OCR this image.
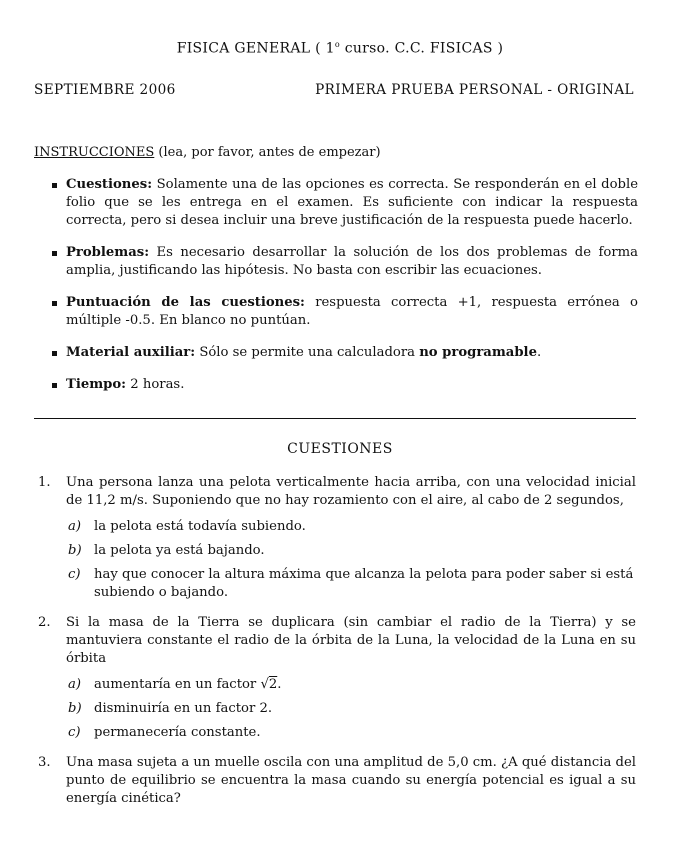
FISICA GENERAL ( 1$^o$ curso. C.C. FISICAS )
SEPTIEMBRE 2006	PRIMERA PRUEBA PERSONAL - ORIGINAL
INSTRUCCIONES (lea, por favor, antes de empezar)
Cuestiones: Solamente una de las opciones es correcta. Se responderán en el doble folio que se les entrega en el examen. Es suficiente con indicar la respuesta correcta, pero si desea incluir una breve justificación de la respuesta puede hacerlo.
Problemas: Es necesario desarrollar la solución de los dos problemas de forma amplia, justificando las hipótesis. No basta con escribir las ecuaciones.
Puntuación de las cuestiones: respuesta correcta +1, respuesta errónea o múltiple -0.5. En blanco no puntúan.
Material auxiliar: Sólo se permite una calculadora no programable.
Tiempo: 2 horas.
CUESTIONES
1. Una persona lanza una pelota verticalmente hacia arriba, con una velocidad inicial de 11,2 m/s. Suponiendo que no hay rozamiento con el aire, al cabo de 2 segundos,
a) la pelota está todavía subiendo.
b) la pelota ya está bajando.
c) hay que conocer la altura máxima que alcanza la pelota para poder saber si está subiendo o bajando.
2. Si la masa de la Tierra se duplicara (sin cambiar el radio de la Tierra) y se mantuviera constante el radio de la órbita de la Luna, la velocidad de la Luna en su órbita
a) aumentaría en un factor √2.
b) disminuiría en un factor 2.
c) permanecería constante.
3. Una masa sujeta a un muelle oscila con una amplitud de 5,0 cm. ¿A qué distancia del punto de equilibrio se encuentra la masa cuando su energía potencial es igual a su energía cinética?
